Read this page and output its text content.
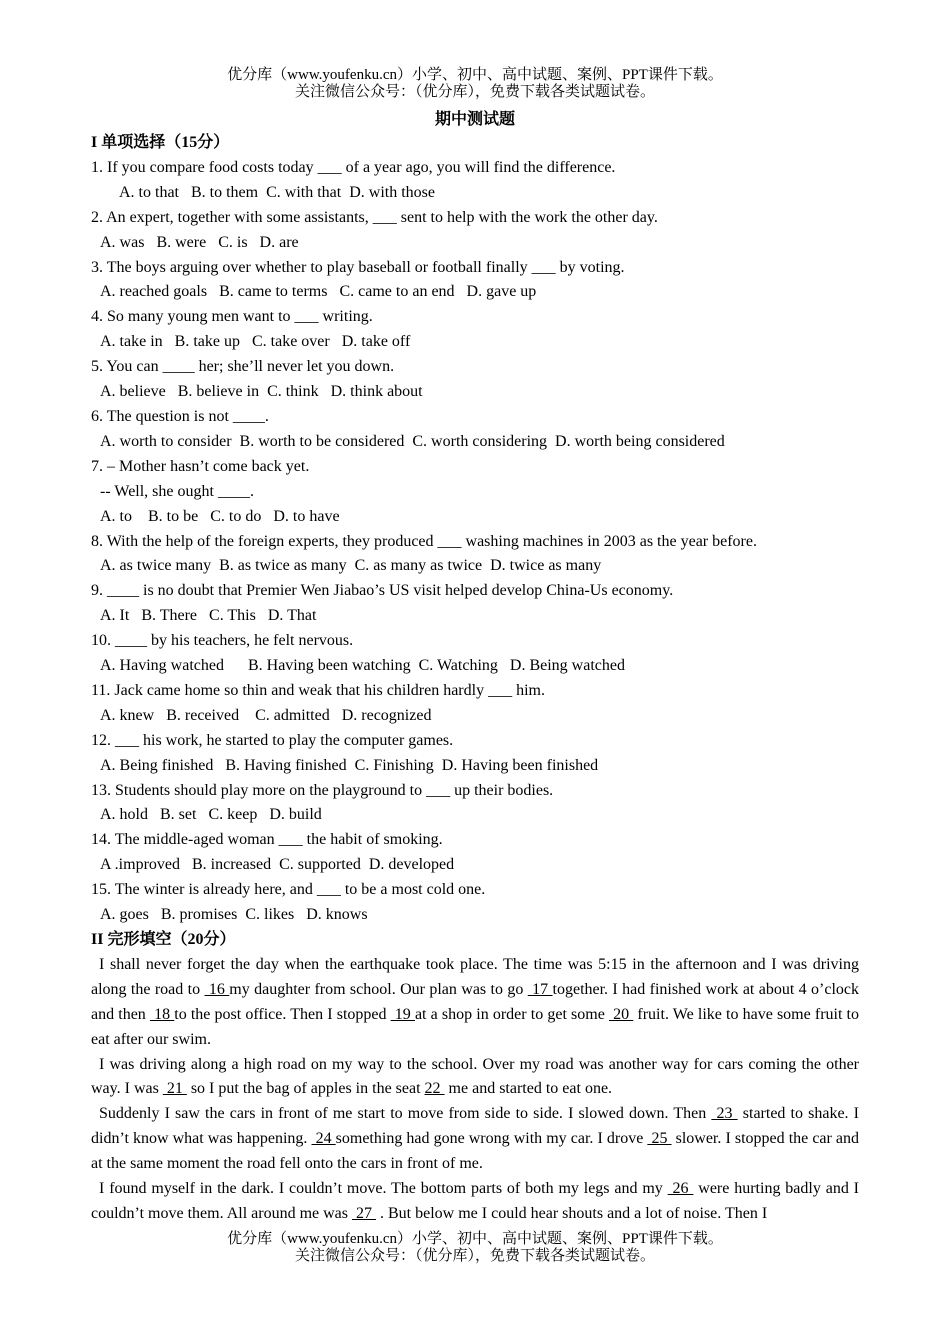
优分库（www.youfenku.cn）小学、初中、高中试题、案例、PPT课件下载。
关注微信公众号：（优分库），免费下载各类试题试卷。
期中测试题
I 单项选择（15分）
1. If you compare food costs today ___ of a year ago, you will find the difference.
A. to that   B. to them  C. with that  D. with those
2. An expert, together with some assistants, ___ sent to help with the work the other day.
A. was   B. were   C. is   D. are
3. The boys arguing over whether to play baseball or football finally ___ by voting.
A. reached goals   B. came to terms   C. came to an end   D. gave up
4. So many young men want to ___ writing.
A. take in   B. take up   C. take over   D. take off
5. You can ____ her; she’ll never let you down.
A. believe   B. believe in  C. think   D. think about
6. The question is not ____.
A. worth to consider  B. worth to be considered  C. worth considering  D. worth being considered
7. – Mother hasn’t come back yet.
-- Well, she ought ____.
A. to    B. to be   C. to do   D. to have
8. With the help of the foreign experts, they produced ___ washing machines in 2003 as the year before.
A. as twice many  B. as twice as many  C. as many as twice  D. twice as many
9. ____ is no doubt that Premier Wen Jiabao’s US visit helped develop China-Us economy.
A. It   B. There   C. This   D. That
10. ____ by his teachers, he felt nervous.
A. Having watched      B. Having been watching  C. Watching   D. Being watched
11. Jack came home so thin and weak that his children hardly ___ him.
A. knew   B. received    C. admitted   D. recognized
12. ___ his work, he started to play the computer games.
A. Being finished   B. Having finished  C. Finishing  D. Having been finished
13. Students should play more on the playground to ___ up their bodies.
A. hold   B. set   C. keep   D. build
14. The middle-aged woman ___ the habit of smoking.
A .improved   B. increased  C. supported  D. developed
15. The winter is already here, and ___ to be a most cold one.
A. goes   B. promises  C. likes   D. knows
II 完形填空（20分）
I shall never forget the day when the earthquake took place. The time was 5:15 in the afternoon and I was driving along the road to  16 my daughter from school. Our plan was to go  17 together. I had finished work at about 4 o’clock and then  18 to the post office. Then I stopped  19 at a shop in order to get some  20  fruit. We like to have some fruit to eat after our swim.
I was driving along a high road on my way to the school. Over my road was another way for cars coming the other way. I was  21  so I put the bag of apples in the seat 22  me and started to eat one.
Suddenly I saw the cars in front of me start to move from side to side. I slowed down. Then  23  started to shake. I didn’t know what was happening.  24 something had gone wrong with my car. I drove  25  slower. I stopped the car and at the same moment the road fell onto the cars in front of me.
I found myself in the dark. I couldn’t move. The bottom parts of both my legs and my  26  were hurting badly and I couldn’t move them. All around me was  27  . But below me I could hear shouts and a lot of noise. Then I
优分库（www.youfenku.cn）小学、初中、高中试题、案例、PPT课件下载。
关注微信公众号：（优分库），免费下载各类试题试卷。
